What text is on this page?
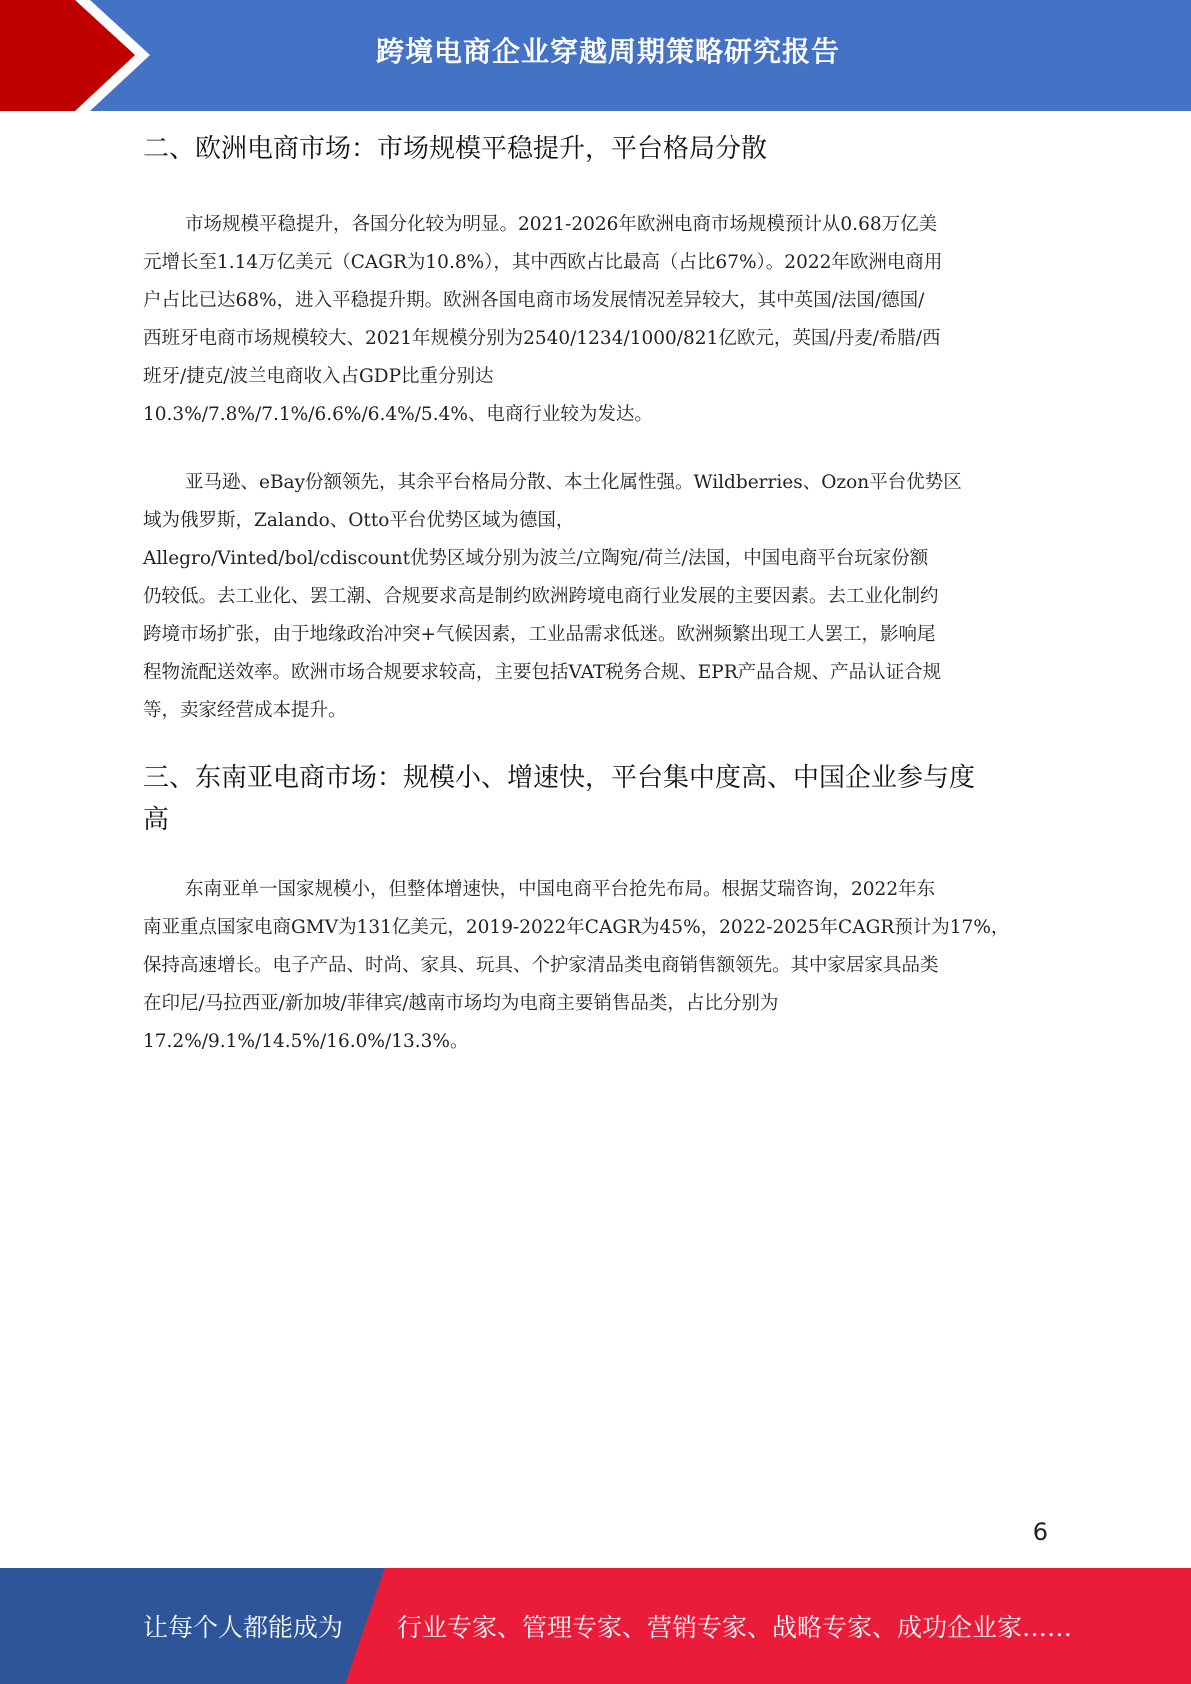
跨境电商企业穿越周期策略研究报告
二、欧洲电商市场：市场规模平稳提升，平台格局分散
市场规模平稳提升，各国分化较为明显。2021-2026年欧洲电商市场规模预计从0.68万亿美
元增长至1.14万亿美元（CAGR为10.8%），其中西欧占比最高（占比67%）。2022年欧洲电商用
户占比已达68%，进入平稳提升期。欧洲各国电商市场发展情况差异较大，其中英国/法国/德国/
西班牙电商市场规模较大、2021年规模分别为2540/1234/1000/821亿欧元，英国/丹麦/希腊/西
班牙/捷克/波兰电商收入占GDP比重分别达
10.3%/7.8%/7.1%/6.6%/6.4%/5.4%、电商行业较为发达。
亚马逊、eBay份额领先，其余平台格局分散、本土化属性强。Wildberries、Ozon平台优势区
域为俄罗斯，Zalando、Otto平台优势区域为德国，
Allegro/Vinted/bol/cdiscount优势区域分别为波兰/立陶宛/荷兰/法国，中国电商平台玩家份额
仍较低。去工业化、罢工潮、合规要求高是制约欧洲跨境电商行业发展的主要因素。去工业化制约
跨境市场扩张，由于地缘政治冲突+气候因素，工业品需求低迷。欧洲频繁出现工人罢工，影响尾
程物流配送效率。欧洲市场合规要求较高，主要包括VAT税务合规、EPR产品合规、产品认证合规
等，卖家经营成本提升。
三、东南亚电商市场：规模小、增速快，平台集中度高、中国企业参与度
高
东南亚单一国家规模小，但整体增速快，中国电商平台抢先布局。根据艾瑞咨询，2022年东
南亚重点国家电商GMV为131亿美元，2019-2022年CAGR为45%，2022-2025年CAGR预计为17%，
保持高速增长。电子产品、时尚、家具、玩具、个护家清品类电商销售额领先。其中家居家具品类
在印尼/马拉西亚/新加坡/菲律宾/越南市场均为电商主要销售品类，占比分别为
17.2%/9.1%/14.5%/16.0%/13.3%。
6
让每个人都能成为 行业专家、管理专家、营销专家、战略专家、成功企业家……
